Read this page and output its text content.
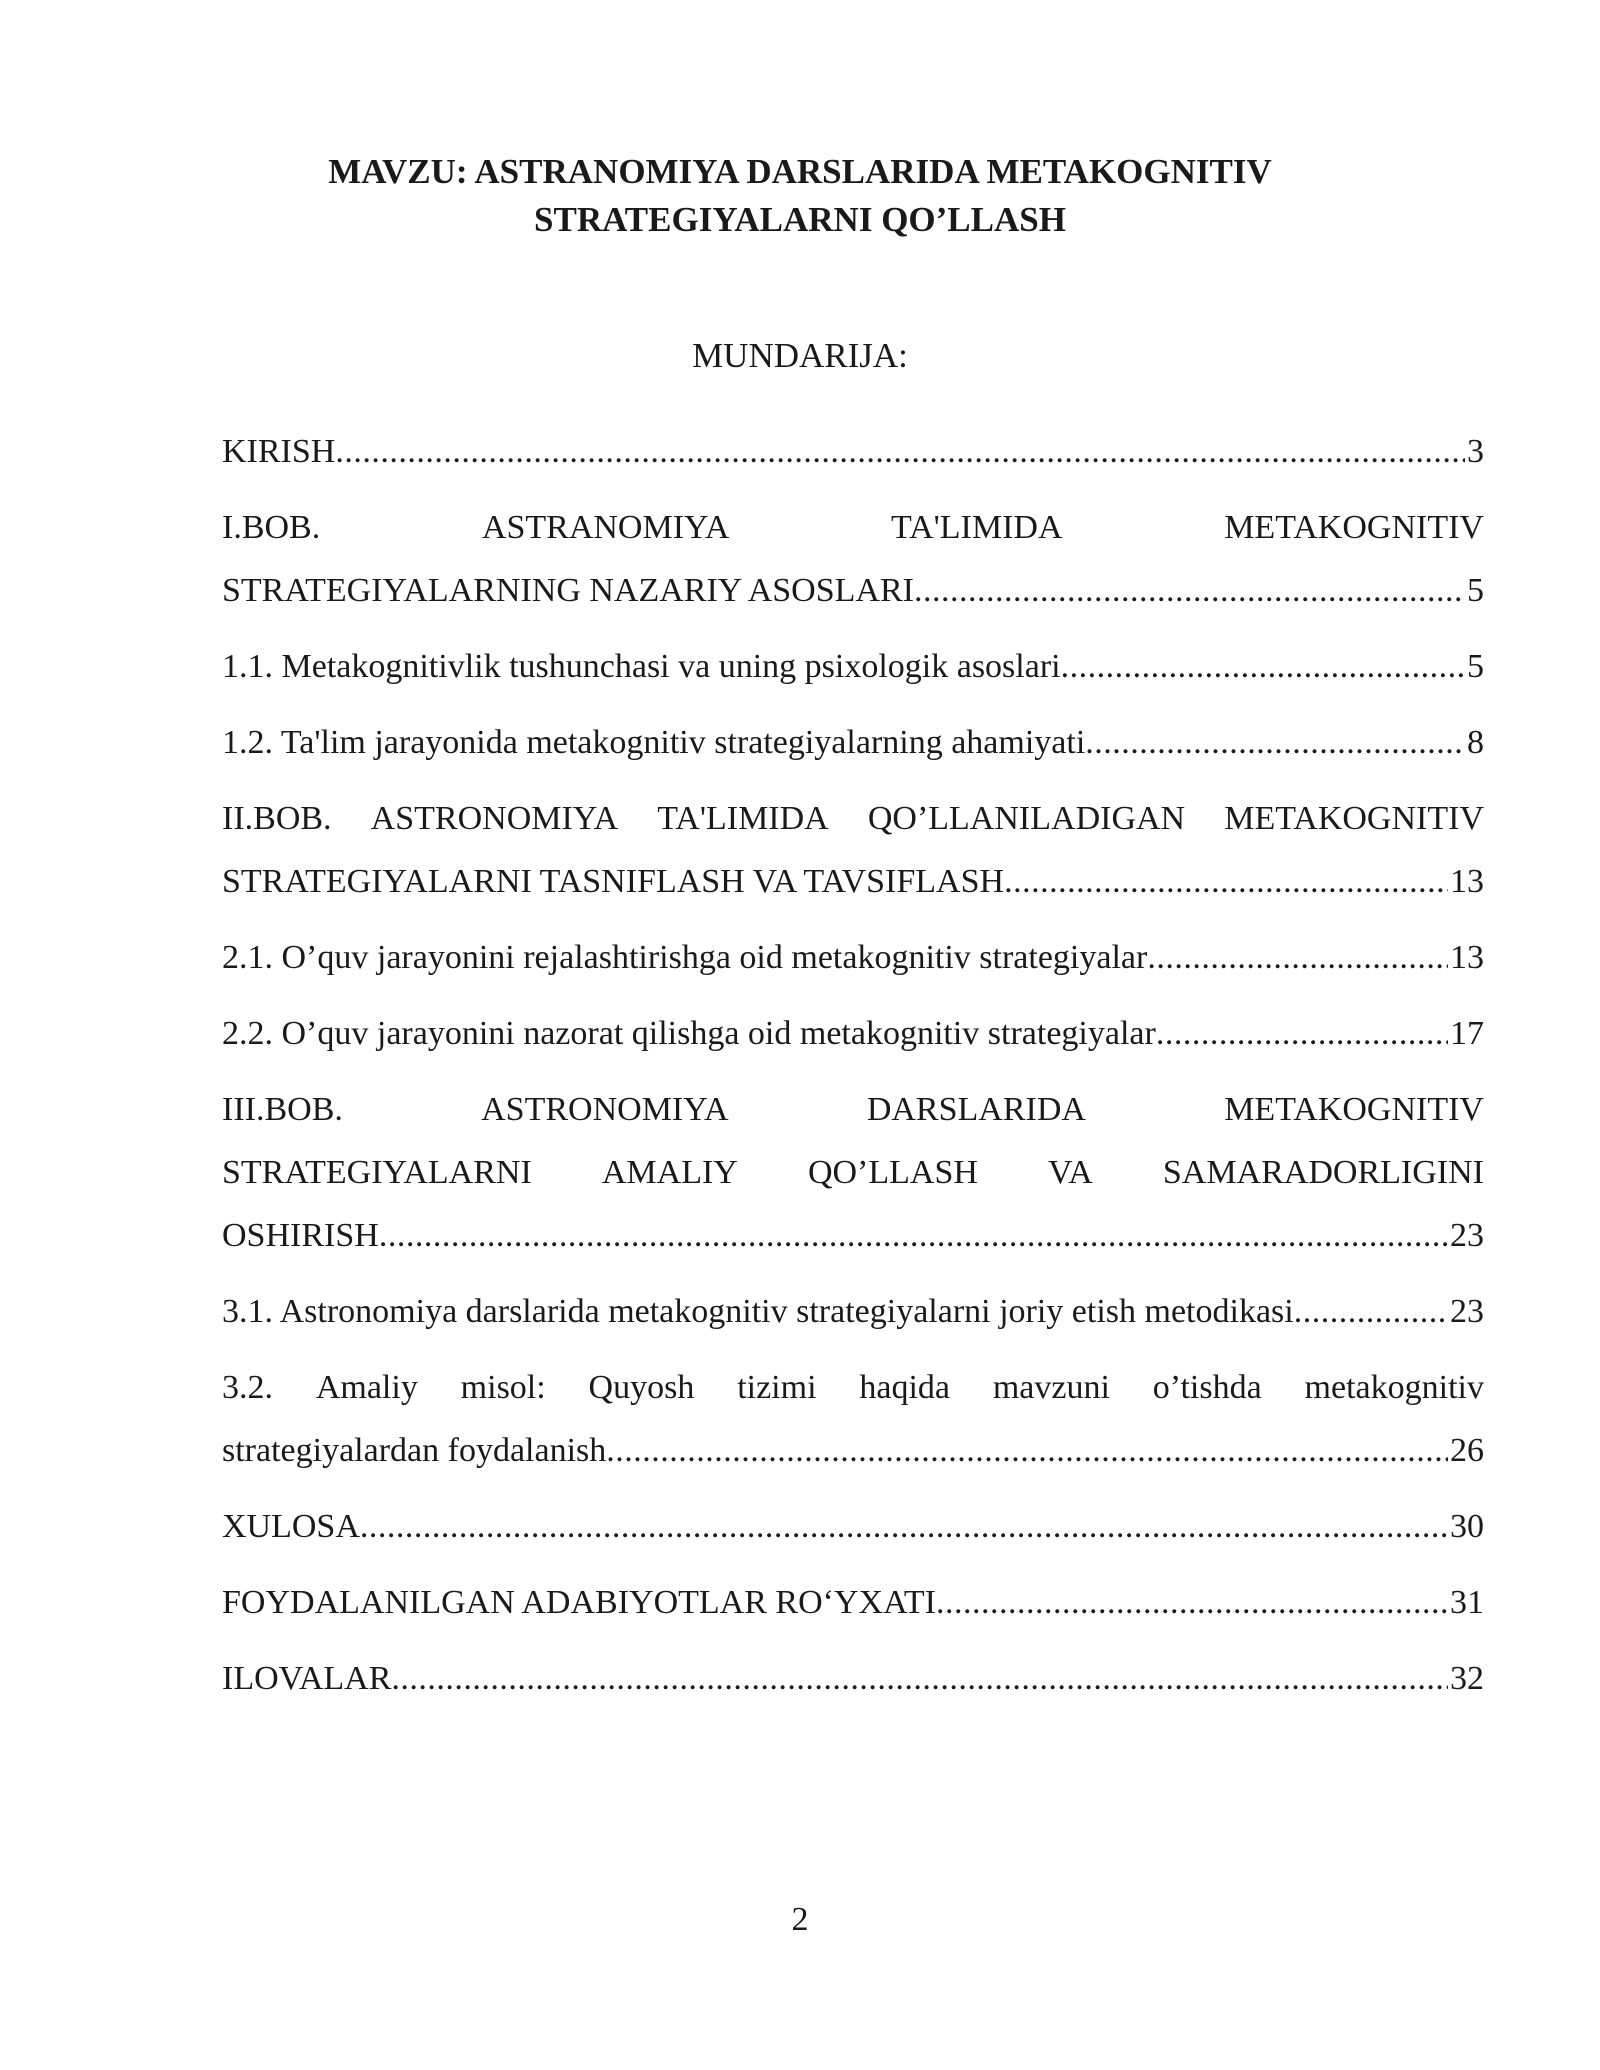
MAVZU: ASTRANOMIYA DARSLARIDA METAKOGNITIV
STRATEGIYALARNI QO’LLASH
MUNDARIJA:
KIRISH .....	3
I.BOB.	ASTRANOMIYA	TA'LIMIDA	METAKOGNITIV
STRATEGIYALARNING NAZARIY ASOSLARI .....	5
1.1. Metakognitivlik tushunchasi va uning psixologik asoslari .....	5
1.2. Ta'lim jarayonida metakognitiv strategiyalarning ahamiyati .....	8
II.BOB. ASTRONOMIYA TA'LIMIDA QO’LLANILADIGAN METAKOGNITIV
STRATEGIYALARNI TASNIFLASH VA TAVSIFLASH .....	13
2.1. O’quv jarayonini rejalashtirishga oid metakognitiv strategiyalar .....	13
2.2. O’quv jarayonini nazorat qilishga oid metakognitiv strategiyalar .....	17
III.BOB.	ASTRONOMIYA	DARSLARIDA	METAKOGNITIV
STRATEGIYALARNI AMALIY QO’LLASH VA SAMARADORLIGINI
OSHIRISH .....	23
3.1. Astronomiya darslarida metakognitiv strategiyalarni joriy etish metodikasi .....	23
3.2. Amaliy misol: Quyosh tizimi haqida mavzuni o’tishda metakognitiv
strategiyalardan foydalanish .....	26
XULOSA .....	30
FOYDALANILGAN ADABIYOTLAR RO‘YXATI .....	31
ILOVALAR .....	32
2
